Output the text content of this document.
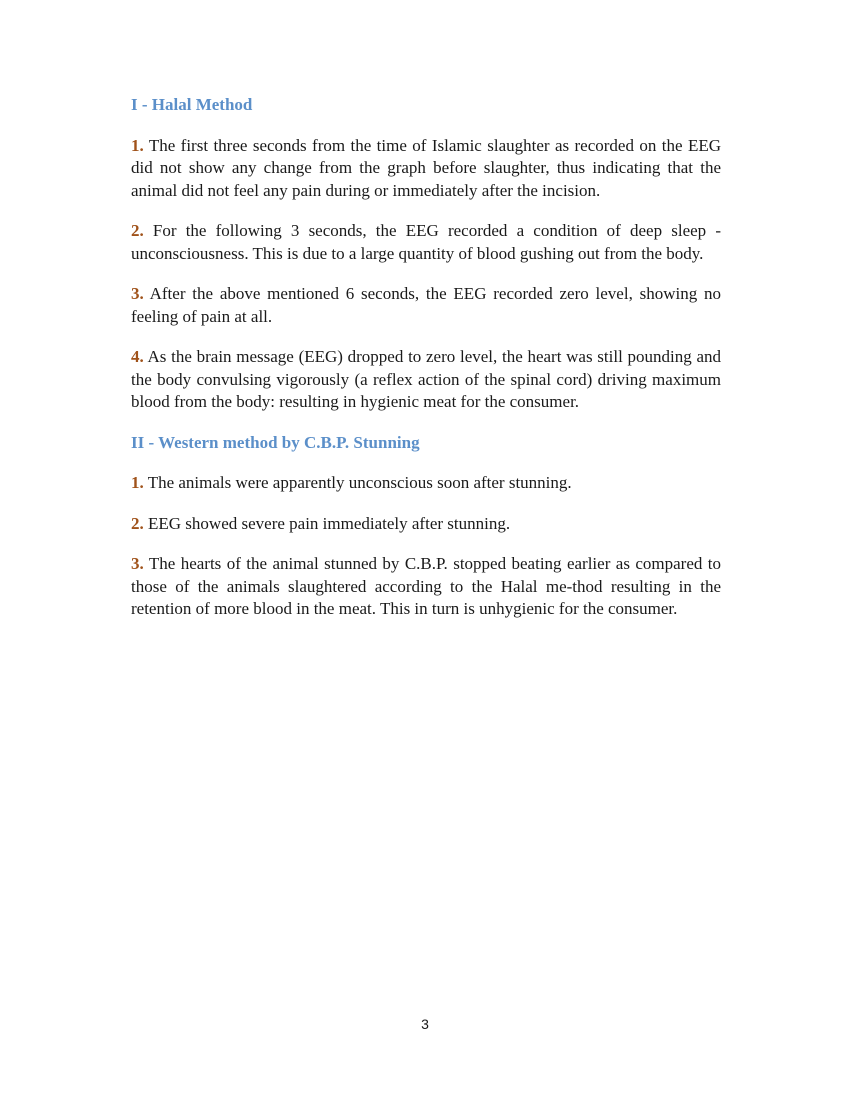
I - Halal Method

1. The first three seconds from the time of Islamic slaughter as recorded on the EEG did not show any change from the graph before slaughter, thus indicating that the animal did not feel any pain during or immediately after the incision.

2. For the following 3 seconds, the EEG recorded a condition of deep sleep - unconsciousness. This is due to a large quantity of blood gushing out from the body.

3. After the above mentioned 6 seconds, the EEG recorded zero level, showing no feeling of pain at all.

4. As the brain message (EEG) dropped to zero level, the heart was still pounding and the body convulsing vigorously (a reflex action of the spinal cord) driving maximum blood from the body: resulting in hygienic meat for the consumer.

II - Western method by C.B.P. Stunning

1. The animals were apparently unconscious soon after stunning.

2. EEG showed severe pain immediately after stunning.

3. The hearts of the animal stunned by C.B.P. stopped beating earlier as compared to those of the animals slaughtered according to the Halal me-thod resulting in the retention of more blood in the meat. This in turn is unhygienic for the consumer.

3
